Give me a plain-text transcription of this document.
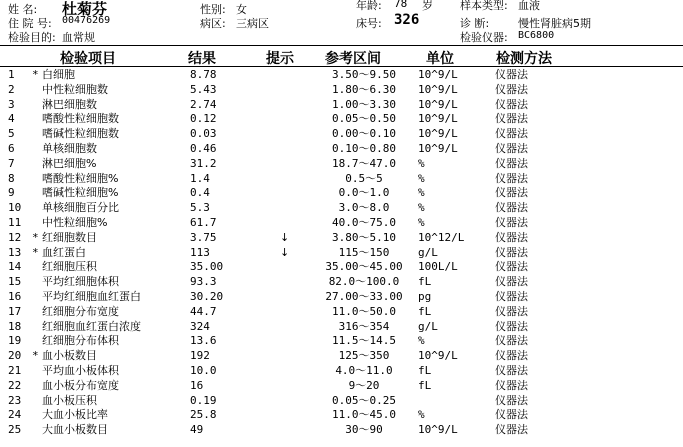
姓 名: 杜菊芬	性别: 女	年龄: 78 岁 样本类型: 血液
住 院 号: 00476269	病区: 三病区	床号: 326	诊 断:	慢性肾脏病5期
检验目的: 血常规	检验仪器: BC6800
检验项目	结果	提示 参考区间	单位	检测方法
1 * 白细胞	8.78	3.50～9.50	10^9/L	仪器法
2 中性粒细胞数	5.43	1.80～6.30	10^9/L	仪器法
3 淋巴细胞数	2.74	1.00～3.30	10^9/L	仪器法
4 嗜酸性粒细胞数	0.12	0.05～0.50	10^9/L	仪器法
5 嗜碱性粒细胞数	0.03	0.00～0.10	10^9/L	仪器法
6 单核细胞数	0.46	0.10～0.80	10^9/L	仪器法
7 淋巴细胞%	31.2	18.7～47.0	%	仪器法
8 嗜酸性粒细胞%	1.4	0.5～5	%	仪器法
9 嗜碱性粒细胞%	0.4	0.0～1.0	%	仪器法
10 单核细胞百分比	5.3	3.0～8.0	%	仪器法
11 中性粒细胞%	61.7	40.0～75.0	%	仪器法
12 * 红细胞数目	3.75	↓	3.80～5.10	10^12/L	仪器法
13 * 血红蛋白	113	↓	115～150	g/L	仪器法
14 红细胞压积	35.00	35.00～45.00	100L/L	仪器法
15 平均红细胞体积	93.3	82.0～100.0	fL	仪器法
16 平均红细胞血红蛋白	30.20	27.00～33.00	pg	仪器法
17 红细胞分布宽度	44.7	11.0～50.0	fL	仪器法
18 红细胞血红蛋白浓度	324	316～354	g/L	仪器法
19 红细胞分布体积	13.6	11.5～14.5	%	仪器法
20 * 血小板数目	192	125～350	10^9/L	仪器法
21 平均血小板体积	10.0	4.0～11.0	fL	仪器法
22 血小板分布宽度	16	9～20	fL	仪器法
23 血小板压积	0.19	0.05～0.25	仪器法
24 大血小板比率	25.8	11.0～45.0	%	仪器法
25 大血小板数目	49	30～90	10^9/L	仪器法
